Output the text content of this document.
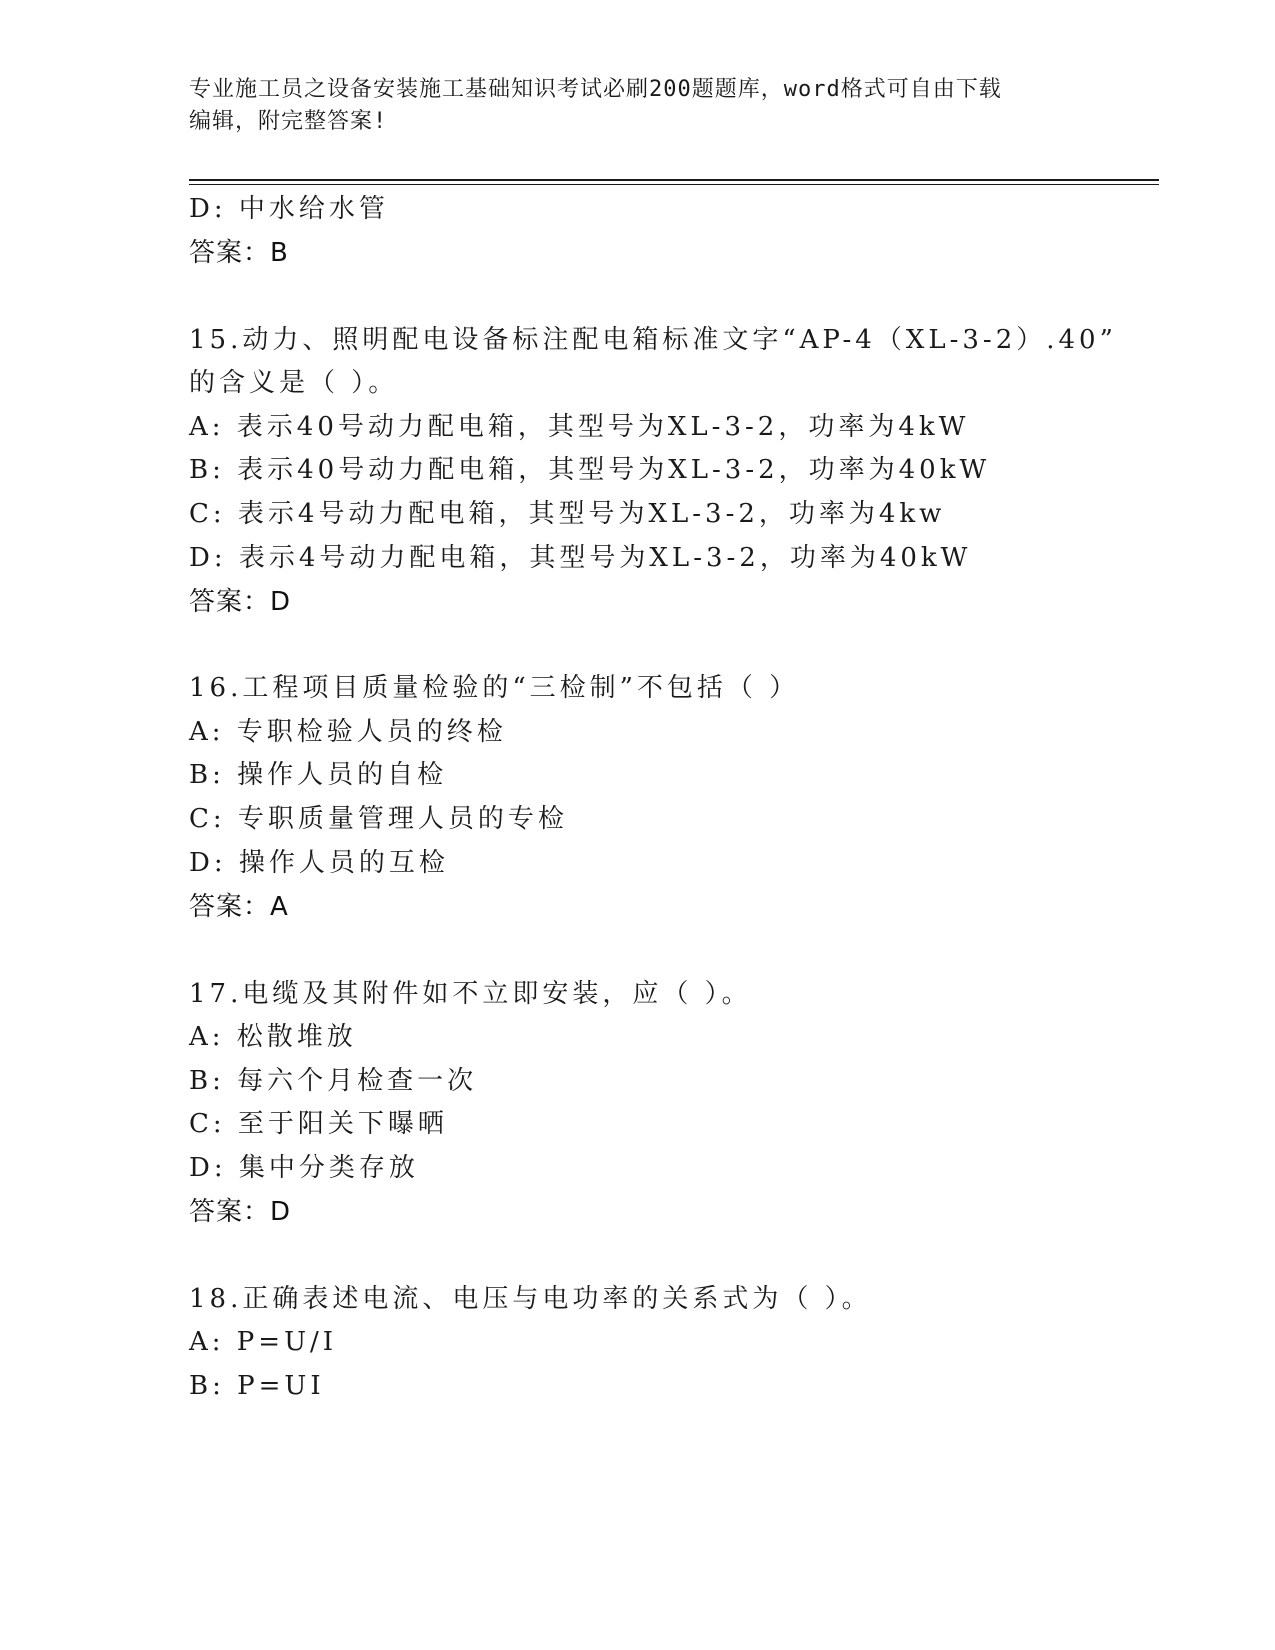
专业施工员之设备安装施工基础知识考试必刷200题题库，word格式可自由下载
编辑，附完整答案!
D: 中水给水管
答案：B
15.动力、照明配电设备标注配电箱标准文字“AP-4（XL-3-2）.40”
的含义是（ ）。
A: 表示40号动力配电箱，其型号为XL-3-2，功率为4kW
B: 表示40号动力配电箱，其型号为XL-3-2，功率为40kW
C: 表示4号动力配电箱，其型号为XL-3-2，功率为4kw
D: 表示4号动力配电箱，其型号为XL-3-2，功率为40kW
答案：D
16.工程项目质量检验的“三检制”不包括（ ）
A: 专职检验人员的终检
B: 操作人员的自检
C: 专职质量管理人员的专检
D: 操作人员的互检
答案：A
17.电缆及其附件如不立即安装，应（ ）。
A: 松散堆放
B: 每六个月检查一次
C: 至于阳关下曝晒
D: 集中分类存放
答案：D
18.正确表述电流、电压与电功率的关系式为（ ）。
A: P=U/I
B: P=UI
